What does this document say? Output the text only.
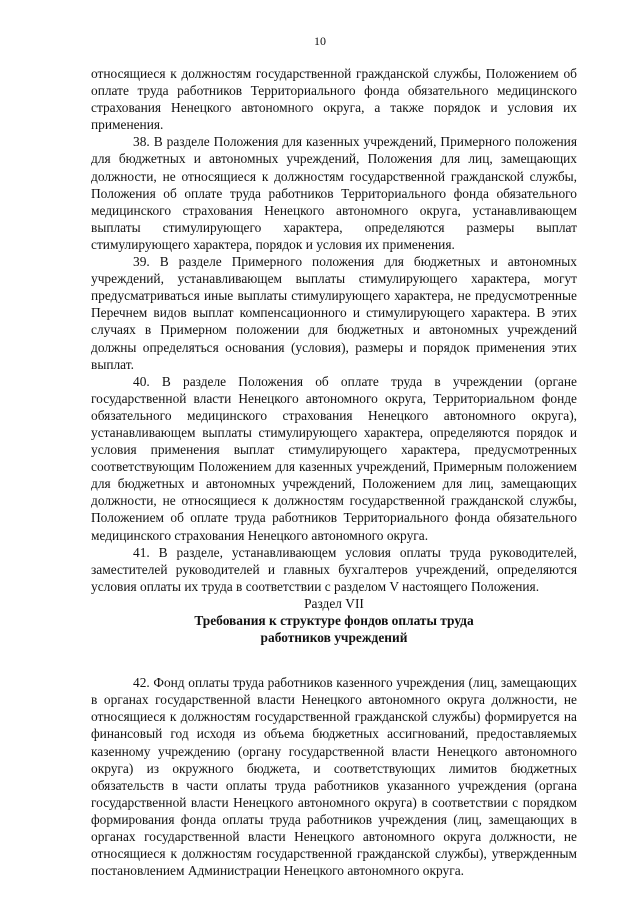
10

относящиеся к должностям государственной гражданской службы, Положением об оплате труда работников Территориального фонда обязательного медицинского страхования Ненецкого автономного округа, а также порядок и условия их применения.

38. В разделе Положения для казенных учреждений, Примерного положения для бюджетных и автономных учреждений, Положения для лиц, замещающих должности, не относящиеся к должностям государственной гражданской службы, Положения об оплате труда работников Территориального фонда обязательного медицинского страхования Ненецкого автономного округа, устанавливающем выплаты стимулирующего характера, определяются размеры выплат стимулирующего характера, порядок и условия их применения.

39. В разделе Примерного положения для бюджетных и автономных учреждений, устанавливающем выплаты стимулирующего характера, могут предусматриваться иные выплаты стимулирующего характера, не предусмотренные Перечнем видов выплат компенсационного и стимулирующего характера. В этих случаях в Примерном положении для бюджетных и автономных учреждений должны определяться основания (условия), размеры и порядок применения этих выплат.

40. В разделе Положения об оплате труда в учреждении (органе государственной власти Ненецкого автономного округа, Территориальном фонде обязательного медицинского страхования Ненецкого автономного округа), устанавливающем выплаты стимулирующего характера, определяются порядок и условия применения выплат стимулирующего характера, предусмотренных соответствующим Положением для казенных учреждений, Примерным положением для бюджетных и автономных учреждений, Положением для лиц, замещающих должности, не относящиеся к должностям государственной гражданской службы, Положением об оплате труда работников Территориального фонда обязательного медицинского страхования Ненецкого автономного округа.

41. В разделе, устанавливающем условия оплаты труда руководителей, заместителей руководителей и главных бухгалтеров учреждений, определяются условия оплаты их труда в соответствии с разделом V настоящего Положения.

Раздел VII

Требования к структуре фондов оплаты труда

работников учреждений

42. Фонд оплаты труда работников казенного учреждения (лиц, замещающих в органах государственной власти Ненецкого автономного округа должности, не относящиеся к должностям государственной гражданской службы) формируется на финансовый год исходя из объема бюджетных ассигнований, предоставляемых казенному учреждению (органу государственной власти Ненецкого автономного округа) из окружного бюджета, и соответствующих лимитов бюджетных обязательств в части оплаты труда работников указанного учреждения (органа государственной власти Ненецкого автономного округа) в соответствии с порядком формирования фонда оплаты труда работников учреждения (лиц, замещающих в органах государственной власти Ненецкого автономного округа должности, не относящиеся к должностям государственной гражданской службы), утвержденным постановлением Администрации Ненецкого автономного округа.
